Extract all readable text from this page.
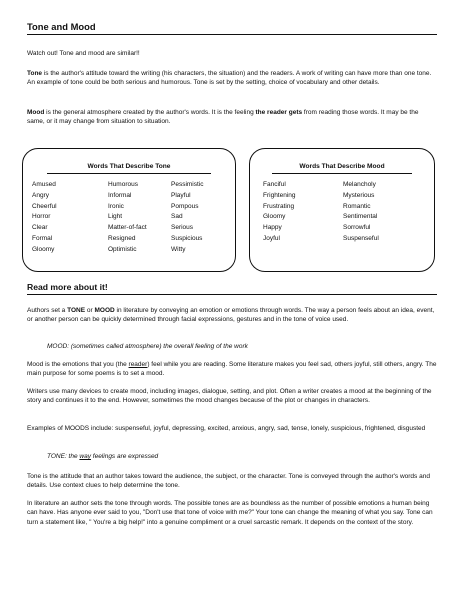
Tone and Mood

Watch out! Tone and mood are similar!!

Tone is the author's attitude toward the writing (his characters, the situation) and the readers. A work of writing can have more than one tone. An example of tone could be both serious and humorous. Tone is set by the setting, choice of vocabulary and other details.

Mood is the general atmosphere created by the author's words. It is the feeling the reader gets from reading those words. It may be the same, or it may change from situation to situation.

Words That Describe Tone
Amused
Angry
Cheerful
Horror
Clear
Formal
Gloomy
Humorous
Informal
Ironic
Light
Matter-of-fact
Resigned
Optimistic
Pessimistic
Playful
Pompous
Sad
Serious
Suspicious
Witty
Words That Describe Mood
Fanciful
Frightening
Frustrating
Gloomy
Happy
Joyful
Melancholy
Mysterious
Romantic
Sentimental
Sorrowful
Suspenseful
Read more about it!

Authors set a TONE or MOOD in literature by conveying an emotion or emotions through words. The way a person feels about an idea, event, or another person can be quickly determined through facial expressions, gestures and in the tone of voice used.

MOOD: (sometimes called atmosphere) the overall feeling of the work

Mood is the emotions that you (the reader) feel while you are reading. Some literature makes you feel sad, others joyful, still others, angry. The main purpose for some poems is to set a mood.

Writers use many devices to create mood, including images, dialogue, setting, and plot. Often a writer creates a mood at the beginning of the story and continues it to the end. However, sometimes the mood changes because of the plot or changes in characters.

Examples of MOODS include: suspenseful, joyful, depressing, excited, anxious, angry, sad, tense, lonely, suspicious, frightened, disgusted

TONE: the way feelings are expressed

Tone is the attitude that an author takes toward the audience, the subject, or the character. Tone is conveyed through the author's words and details. Use context clues to help determine the tone.

In literature an author sets the tone through words. The possible tones are as boundless as the number of possible emotions a human being can have. Has anyone ever said to you, "Don't use that tone of voice with me?" Your tone can change the meaning of what you say. Tone can turn a statement like, " You're a big help!" into a genuine compliment or a cruel sarcastic remark. It depends on the context of the story.
